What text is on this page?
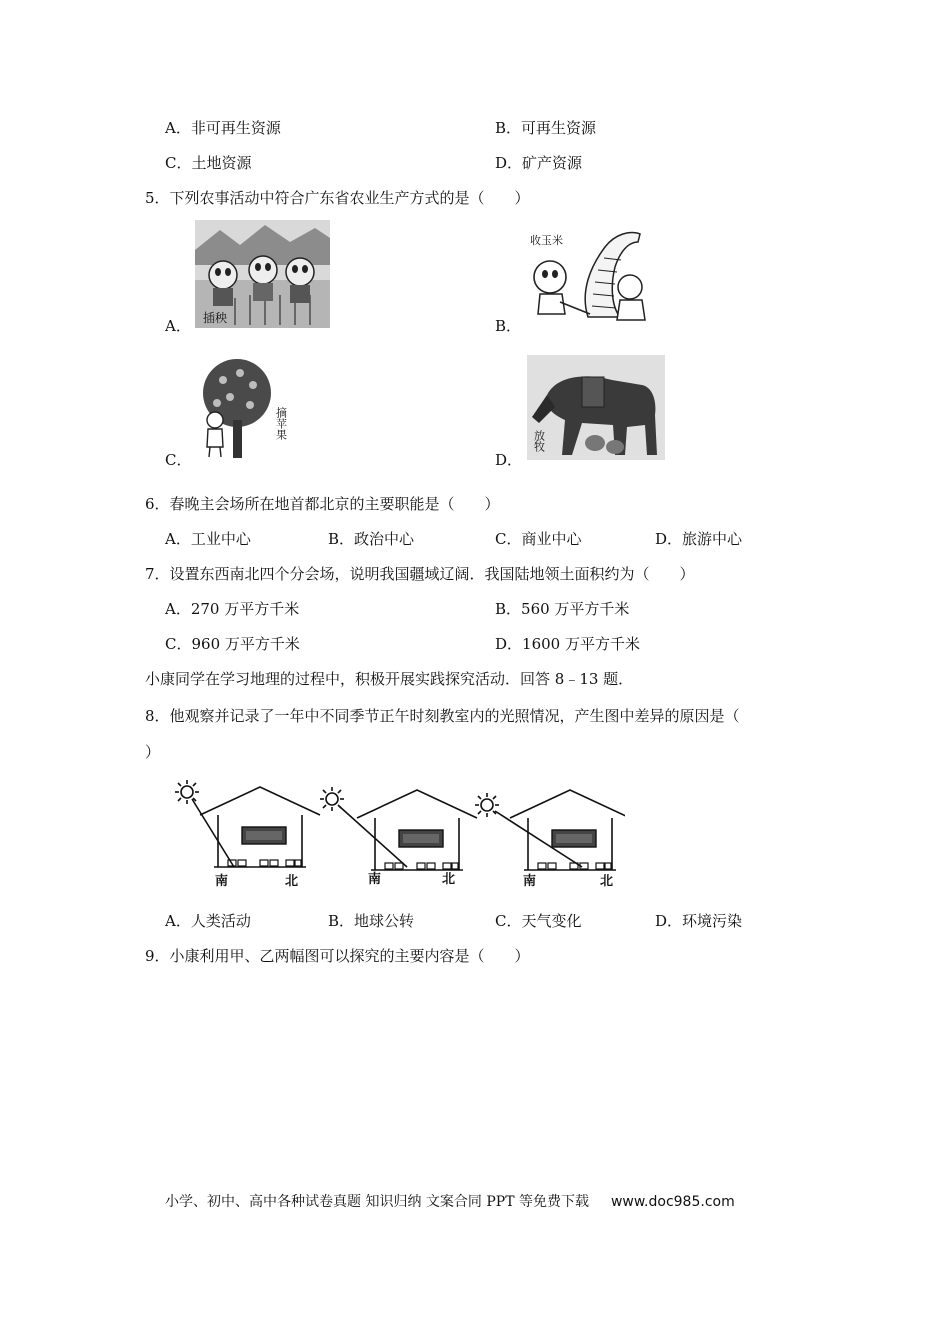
A．非可再生资源	B．可再生资源
C．土地资源	D．矿产资源
5．下列农事活动中符合广东省农业生产方式的是（　　）
插秧
A．
收玉米
B．
摘苹果
C．
放牧
D．
6．春晚主会场所在地首都北京的主要职能是（　　）
A．工业中心	B．政治中心	C．商业中心	D．旅游中心
7．设置东西南北四个分会场，说明我国疆域辽阔．我国陆地领土面积约为（　　）
A．270 万平方千米	B．560 万平方千米
C．960 万平方千米	D．1600 万平方千米
小康同学在学习地理的过程中，积极开展实践探究活动．回答 8﹣13 题．
8．他观察并记录了一年中不同季节正午时刻教室内的光照情况，产生图中差异的原因是（
）
南	北	南	北	南	北
A．人类活动	B．地球公转	C．天气变化	D．环境污染
9．小康利用甲、乙两幅图可以探究的主要内容是（　　）
小学、初中、高中各种试卷真题 知识归纳 文案合同 PPT 等免费下载 www.doc985.com
